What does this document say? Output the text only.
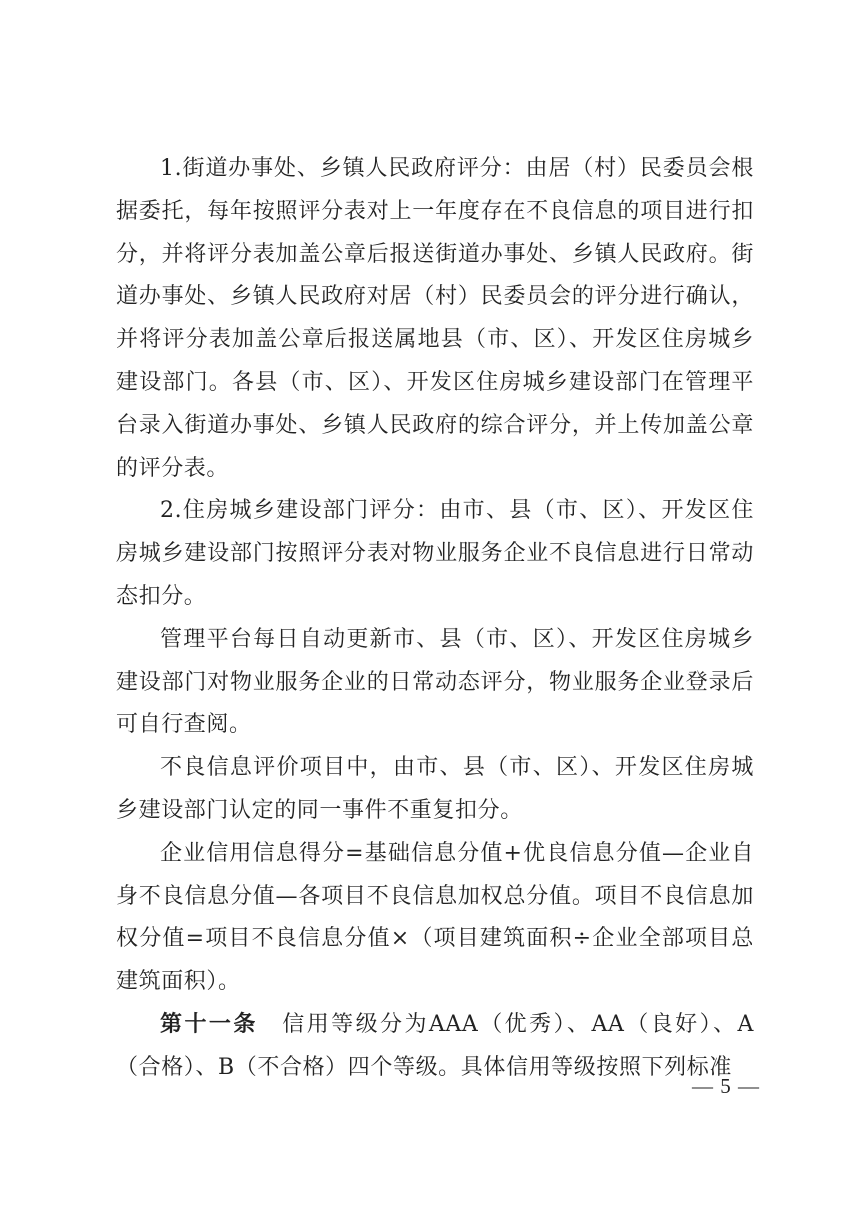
1.街道办事处、乡镇人民政府评分：由居（村）民委员会根据委托，每年按照评分表对上一年度存在不良信息的项目进行扣分，并将评分表加盖公章后报送街道办事处、乡镇人民政府。街道办事处、乡镇人民政府对居（村）民委员会的评分进行确认，并将评分表加盖公章后报送属地县（市、区）、开发区住房城乡建设部门。各县（市、区）、开发区住房城乡建设部门在管理平台录入街道办事处、乡镇人民政府的综合评分，并上传加盖公章的评分表。

2.住房城乡建设部门评分：由市、县（市、区）、开发区住房城乡建设部门按照评分表对物业服务企业不良信息进行日常动态扣分。

管理平台每日自动更新市、县（市、区）、开发区住房城乡建设部门对物业服务企业的日常动态评分，物业服务企业登录后可自行查阅。

不良信息评价项目中，由市、县（市、区）、开发区住房城乡建设部门认定的同一事件不重复扣分。

企业信用信息得分=基础信息分值+优良信息分值—企业自身不良信息分值—各项目不良信息加权总分值。项目不良信息加权分值=项目不良信息分值×（项目建筑面积÷企业全部项目总建筑面积）。

第十一条　 信用等级分为AAA（优秀）、AA（良好）、A（合格）、B（不合格）四个等级。具体信用等级按照下列标准

— 5 —
